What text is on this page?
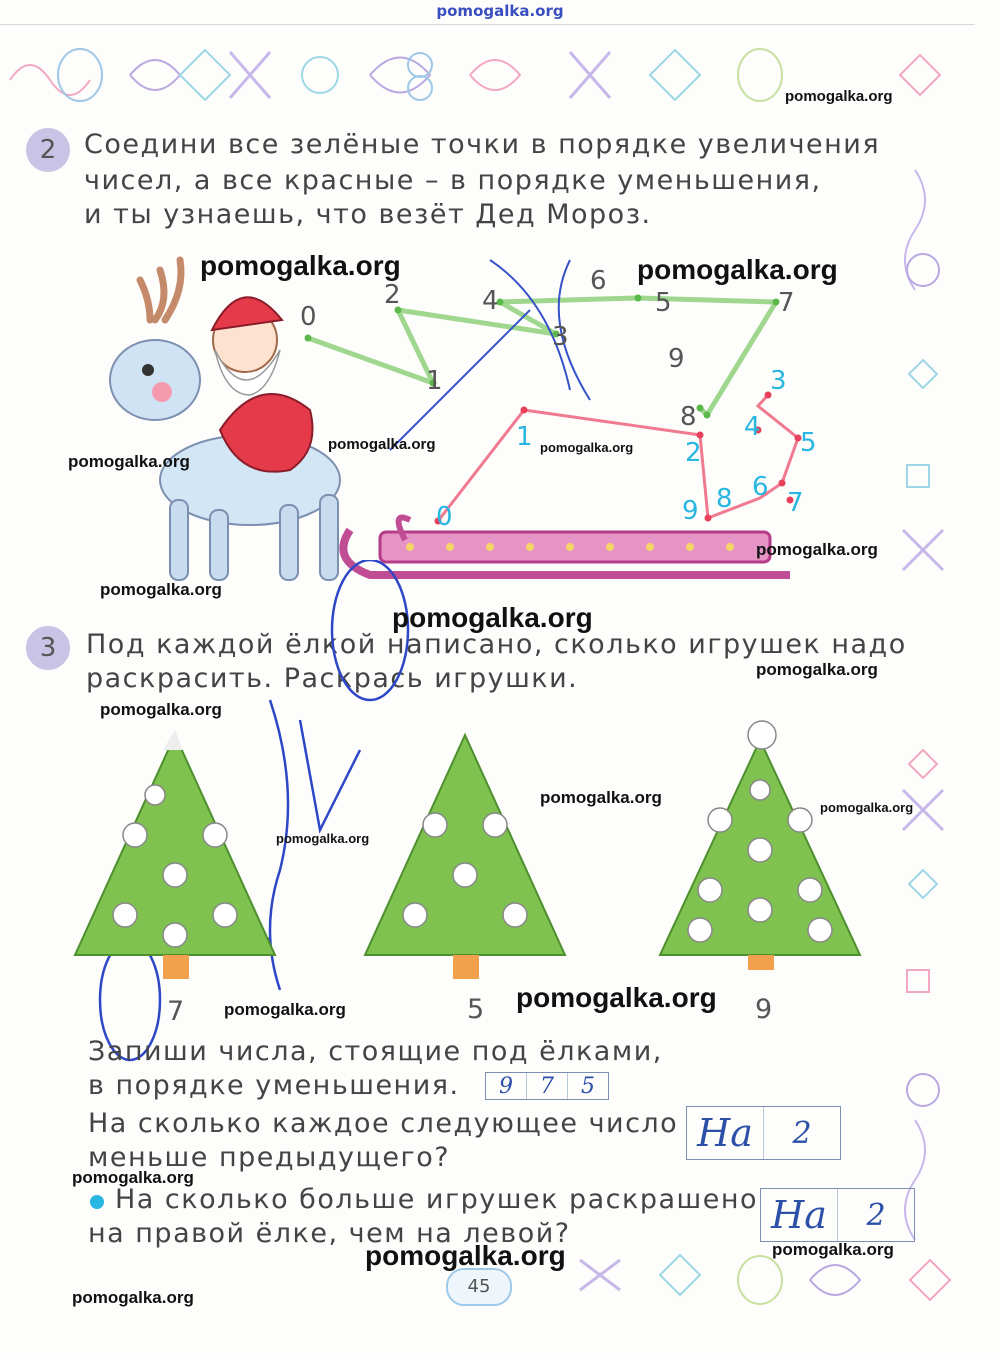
pomogalka.org
2	Соедини все зелёные точки в порядке увеличения
чисел, а все красные – в порядке уменьшения,
и ты узнаешь, что везёт Дед Мороз.
0
1
2
3
4	5
6
7
8
9
0
1
2
3
4
5
6
7
8
9
3	Под каждой ёлкой написано, сколько игрушек надо
раскрасить. Раскрась игрушки.
7	5	9
Запиши числа, стоящие под ёлками,
в порядке уменьшения.	9	7	5
На сколько каждое следующее число
меньше предыдущего?
На	2
На сколько больше игрушек раскрашено
на правой ёлке, чем на левой?	На	2
45
pomogalka.org
pomogalka.org	pomogalka.org
pomogalka.org
pomogalka.org
pomogalka.org
pomogalka.org
pomogalka.org
pomogalka.org
pomogalka.org
pomogalka.org
pomogalka.org
pomogalka.org
pomogalka.org
pomogalka.org
pomogalka.org
pomogalka.org
pomogalka.org
pomogalka.org
pomogalka.org
